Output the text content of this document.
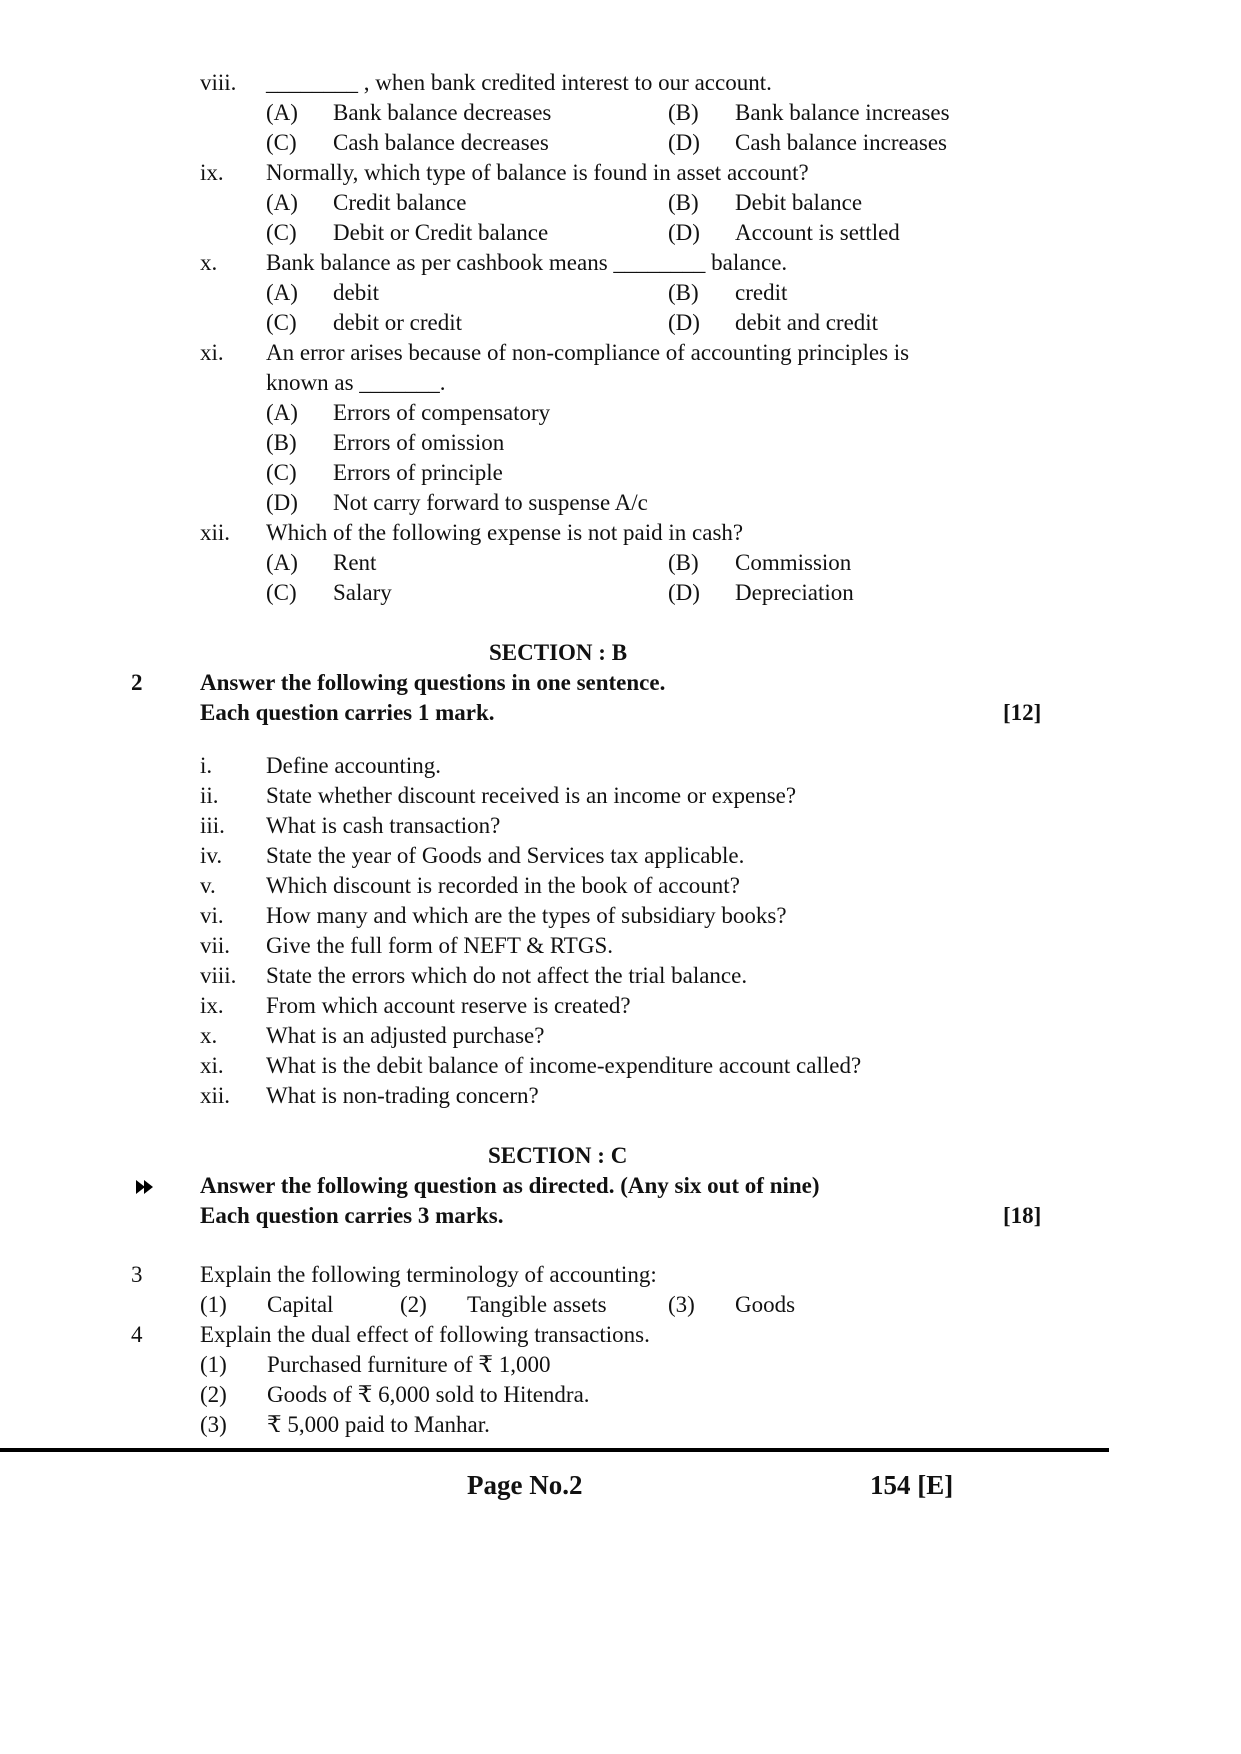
viii. ________ , when bank credited interest to our account.
(A) Bank balance decreases	(B) Bank balance increases
(C) Cash balance decreases	(D) Cash balance increases
ix. Normally, which type of balance is found in asset account?
(A) Credit balance	(B) Debit balance
(C) Debit or Credit balance	(D) Account is settled
x. Bank balance as per cashbook means ________ balance.
(A) debit	(B) credit
(C) debit or credit	(D) debit and credit
xi. An error arises because of non-compliance of accounting principles is
known as _______.
(A) Errors of compensatory
(B) Errors of omission
(C) Errors of principle
(D) Not carry forward to suspense A/c
xii. Which of the following expense is not paid in cash?
(A) Rent	(B) Commission
(C) Salary	(D) Depreciation
SECTION : B
2	Answer the following questions in one sentence.
Each question carries 1 mark.	[12]
i. Define accounting.
ii. State whether discount received is an income or expense?
iii. What is cash transaction?
iv. State the year of Goods and Services tax applicable.
v. Which discount is recorded in the book of account?
vi. How many and which are the types of subsidiary books?
vii. Give the full form of NEFT & RTGS.
viii. State the errors which do not affect the trial balance.
ix. From which account reserve is created?
x. What is an adjusted purchase?
xi. What is the debit balance of income-expenditure account called?
xii. What is non-trading concern?
SECTION : C
Answer the following question as directed. (Any six out of nine)
Each question carries 3 marks.	[18]
3	Explain the following terminology of accounting:
(1) Capital	(2) Tangible assets	(3) Goods
4	Explain the dual effect of following transactions.
(1) Purchased furniture of ₹ 1,000
(2) Goods of ₹ 6,000 sold to Hitendra.
(3) ₹ 5,000 paid to Manhar.
Page No.2	154 [E]
